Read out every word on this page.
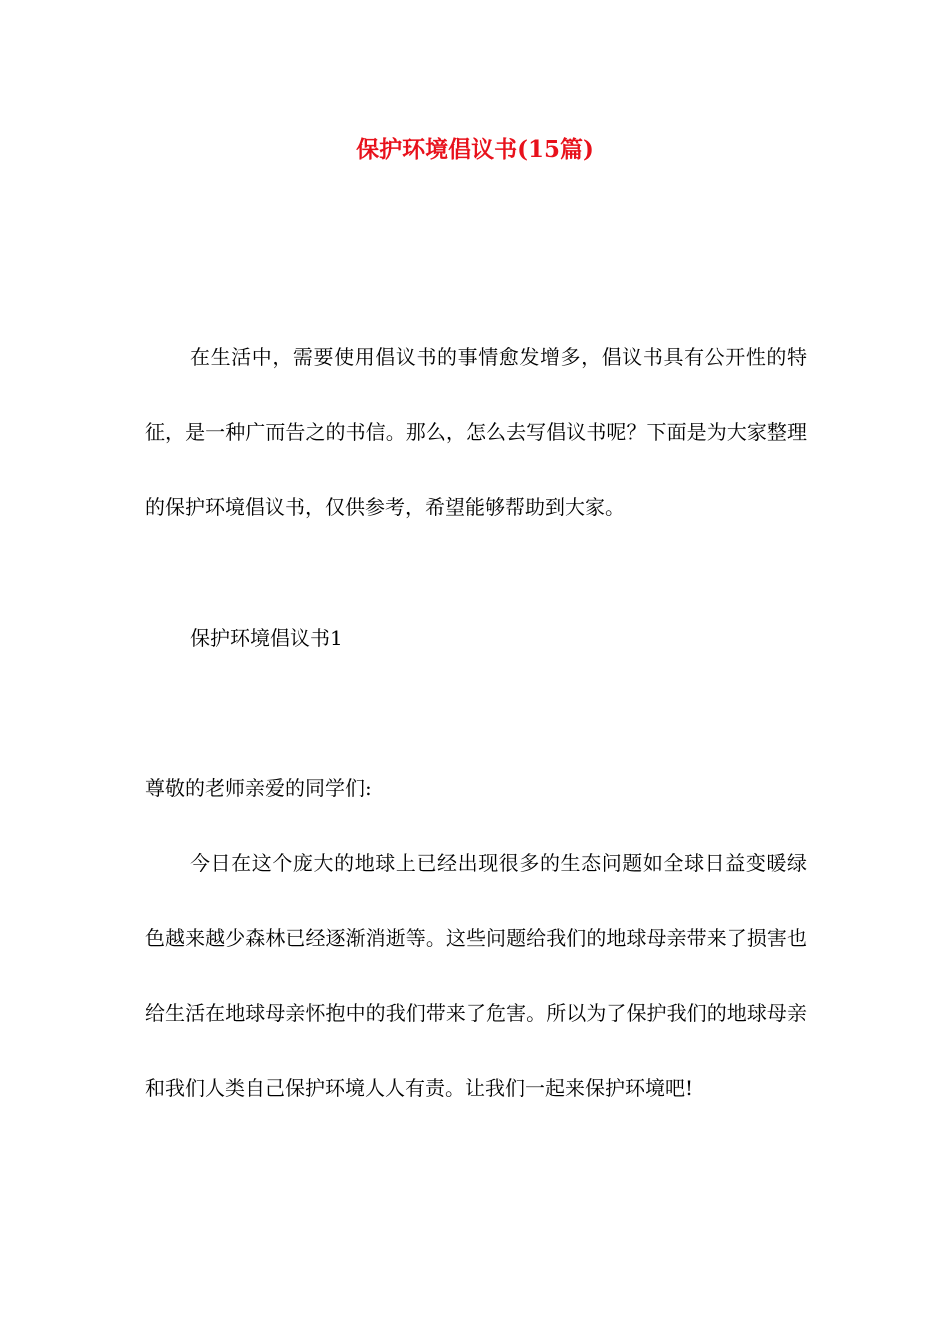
保护环境倡议书(15篇)

在生活中，需要使用倡议书的事情愈发增多，倡议书具有公开性的特征，是一种广而告之的书信。那么，怎么去写倡议书呢？下面是为大家整理的保护环境倡议书，仅供参考，希望能够帮助到大家。

保护环境倡议书1

尊敬的老师亲爱的同学们:

今日在这个庞大的地球上已经出现很多的生态问题如全球日益变暖绿色越来越少森林已经逐渐消逝等。这些问题给我们的地球母亲带来了损害也给生活在地球母亲怀抱中的我们带来了危害。所以为了保护我们的地球母亲和我们人类自己保护环境人人有责。让我们一起来保护环境吧!
